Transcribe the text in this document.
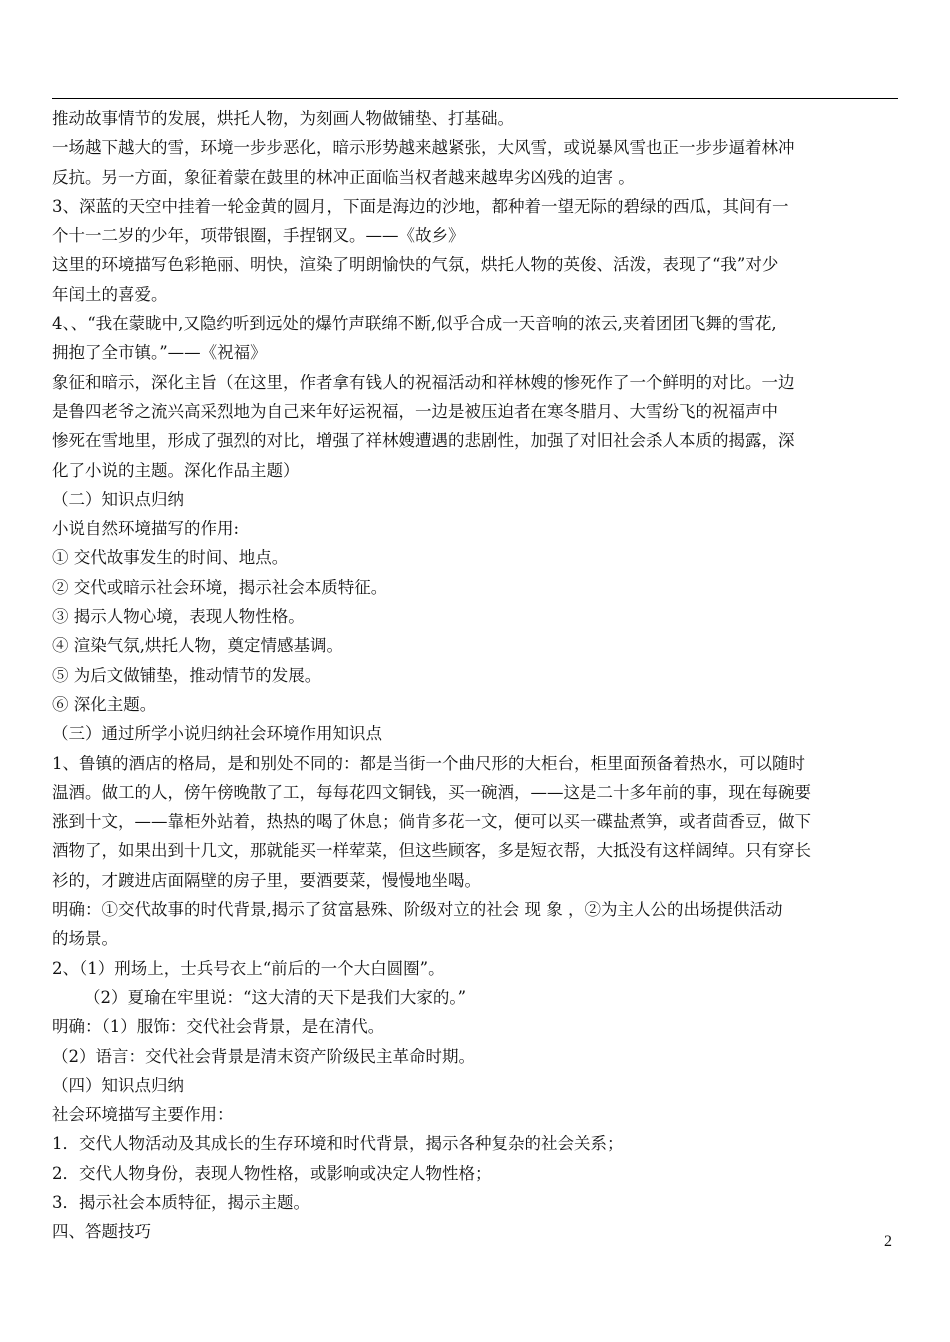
推动故事情节的发展，烘托人物，为刻画人物做铺垫、打基础。
一场越下越大的雪，环境一步步恶化，暗示形势越来越紧张，大风雪，或说暴风雪也正一步步逼着林冲
反抗。另一方面，象征着蒙在鼓里的林冲正面临当权者越来越卑劣凶残的迫害 。
3、深蓝的天空中挂着一轮金黄的圆月，下面是海边的沙地，都种着一望无际的碧绿的西瓜，其间有一
个十一二岁的少年，项带银圈，手捏钢叉。——《故乡》
这里的环境描写色彩艳丽、明快，渲染了明朗愉快的气氛，烘托人物的英俊、活泼，表现了“我”对少
年闰土的喜爱。
4、、“我在蒙眬中,又隐约听到远处的爆竹声联绵不断,似乎合成一天音响的浓云,夹着团团飞舞的雪花,
拥抱了全市镇。”——《祝福》
象征和暗示，深化主旨（在这里，作者拿有钱人的祝福活动和祥林嫂的惨死作了一个鲜明的对比。一边
是鲁四老爷之流兴高采烈地为自己来年好运祝福，一边是被压迫者在寒冬腊月、大雪纷飞的祝福声中
惨死在雪地里，形成了强烈的对比，增强了祥林嫂遭遇的悲剧性，加强了对旧社会杀人本质的揭露，深
化了小说的主题。深化作品主题）
（二）知识点归纳
小说自然环境描写的作用:
① 交代故事发生的时间、地点。
② 交代或暗示社会环境，揭示社会本质特征。
③ 揭示人物心境，表现人物性格。
④ 渲染气氛,烘托人物，奠定情感基调。
⑤ 为后文做铺垫，推动情节的发展。
⑥ 深化主题。
（三）通过所学小说归纳社会环境作用知识点
1、鲁镇的酒店的格局，是和别处不同的：都是当街一个曲尺形的大柜台，柜里面预备着热水，可以随时
温酒。做工的人，傍午傍晚散了工，每每花四文铜钱，买一碗酒，——这是二十多年前的事，现在每碗要
涨到十文，——靠柜外站着，热热的喝了休息；倘肯多花一文，便可以买一碟盐煮笋，或者茴香豆，做下
酒物了，如果出到十几文，那就能买一样荤菜，但这些顾客，多是短衣帮，大抵没有这样阔绰。只有穿长
衫的，才踱进店面隔壁的房子里，要酒要菜，慢慢地坐喝。
明确：①交代故事的时代背景,揭示了贫富悬殊、阶级对立的社会 现 象 ，②为主人公的出场提供活动
的场景。
2、（1）刑场上，士兵号衣上“前后的一个大白圆圈”。
（2）夏瑜在牢里说：“这大清的天下是我们大家的。”
明确：（1）服饰：交代社会背景，是在清代。
（2）语言：交代社会背景是清末资产阶级民主革命时期。
（四）知识点归纳
社会环境描写主要作用：
1．交代人物活动及其成长的生存环境和时代背景，揭示各种复杂的社会关系；
2．交代人物身份，表现人物性格，或影响或决定人物性格；
3．揭示社会本质特征，揭示主题。
四、答题技巧
2
